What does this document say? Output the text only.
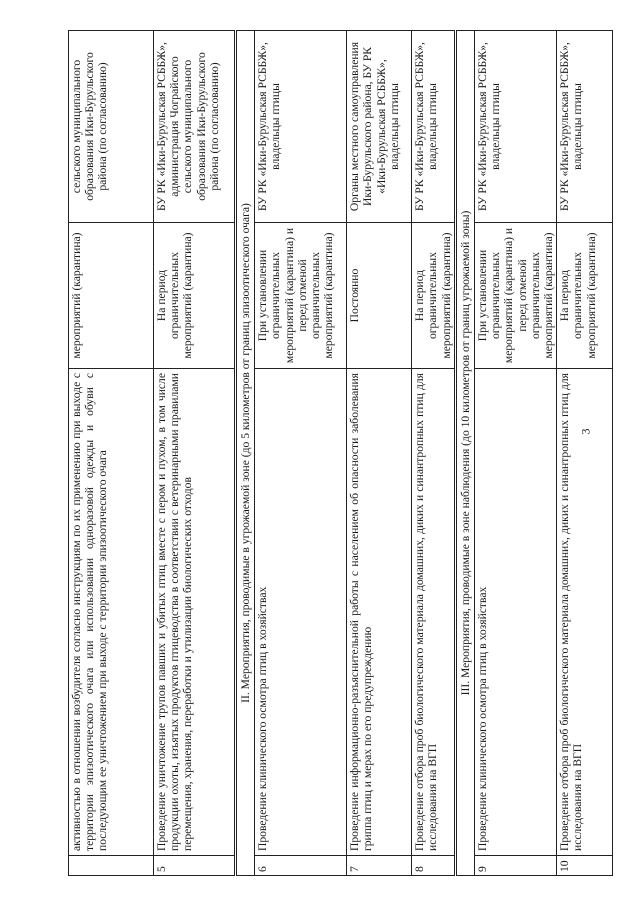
	активностью в отношении возбудителя согласно инструкциям по их применению при выходе с территории эпизоотического очага или использовании одноразовой одежды и обуви с последующим ее уничтожением при выходе с территории эпизоотического очага	мероприятий (карантина)	сельского муниципального образования Ики-Бурульского района (по согласованию)
5	Проведение уничтожение трупов павших и убитых птиц вместе с пером и пухом, в том числе продукции охоты, изъятых продуктов птицеводства в соответствии с ветеринарными правилами перемещения, хранения, переработки и утилизации биологических отходов	На период ограничительных мероприятий (карантина)	БУ РК «Ики-Бурульская РСББЖ», администрация Чограйского сельского муниципального образования Ики-Бурульского района (по согласованию)
II. Мероприятия, проводимые в угрожаемой зоне (до 5 километров от границ эпизоотического очага)			
6	Проведение клинического осмотра птиц в хозяйствах	При установлении ограничительных мероприятий (карантина) и перед отменой ограничительных мероприятий (карантина)	БУ РК «Ики-Бурульская РСББЖ», владельцы птицы
7	Проведение информационно-разъяснительной работы с населением об опасности заболевания гриппа птиц и мерах по его предупреждению	Постоянно	Органы местного самоуправления Ики-Бурульского района, БУ РК «Ики-Бурульская РСББЖ», владельцы птицы
8	Проведение отбора проб биологического материала домашних, диких и синантропных птиц для исследования на ВГП	На период ограничительных мероприятий (карантина)	БУ РК «Ики-Бурульская РСББЖ», владельцы птицы
III. Мероприятия, проводимые в зоне наблюдения (до 10 километров от границ угрожаемой зоны)			
9	Проведение клинического осмотра птиц в хозяйствах	При установлении ограничительных мероприятий (карантина) и перед отменой ограничительных мероприятий (карантина)	БУ РК «Ики-Бурульская РСББЖ», владельцы птицы
10	Проведение отбора проб биологического материала домашних, диких и синантропных птиц для исследования на ВГП	На период ограничительных мероприятий (карантина)	БУ РК «Ики-Бурульская РСББЖ», владельцы птицы
3
